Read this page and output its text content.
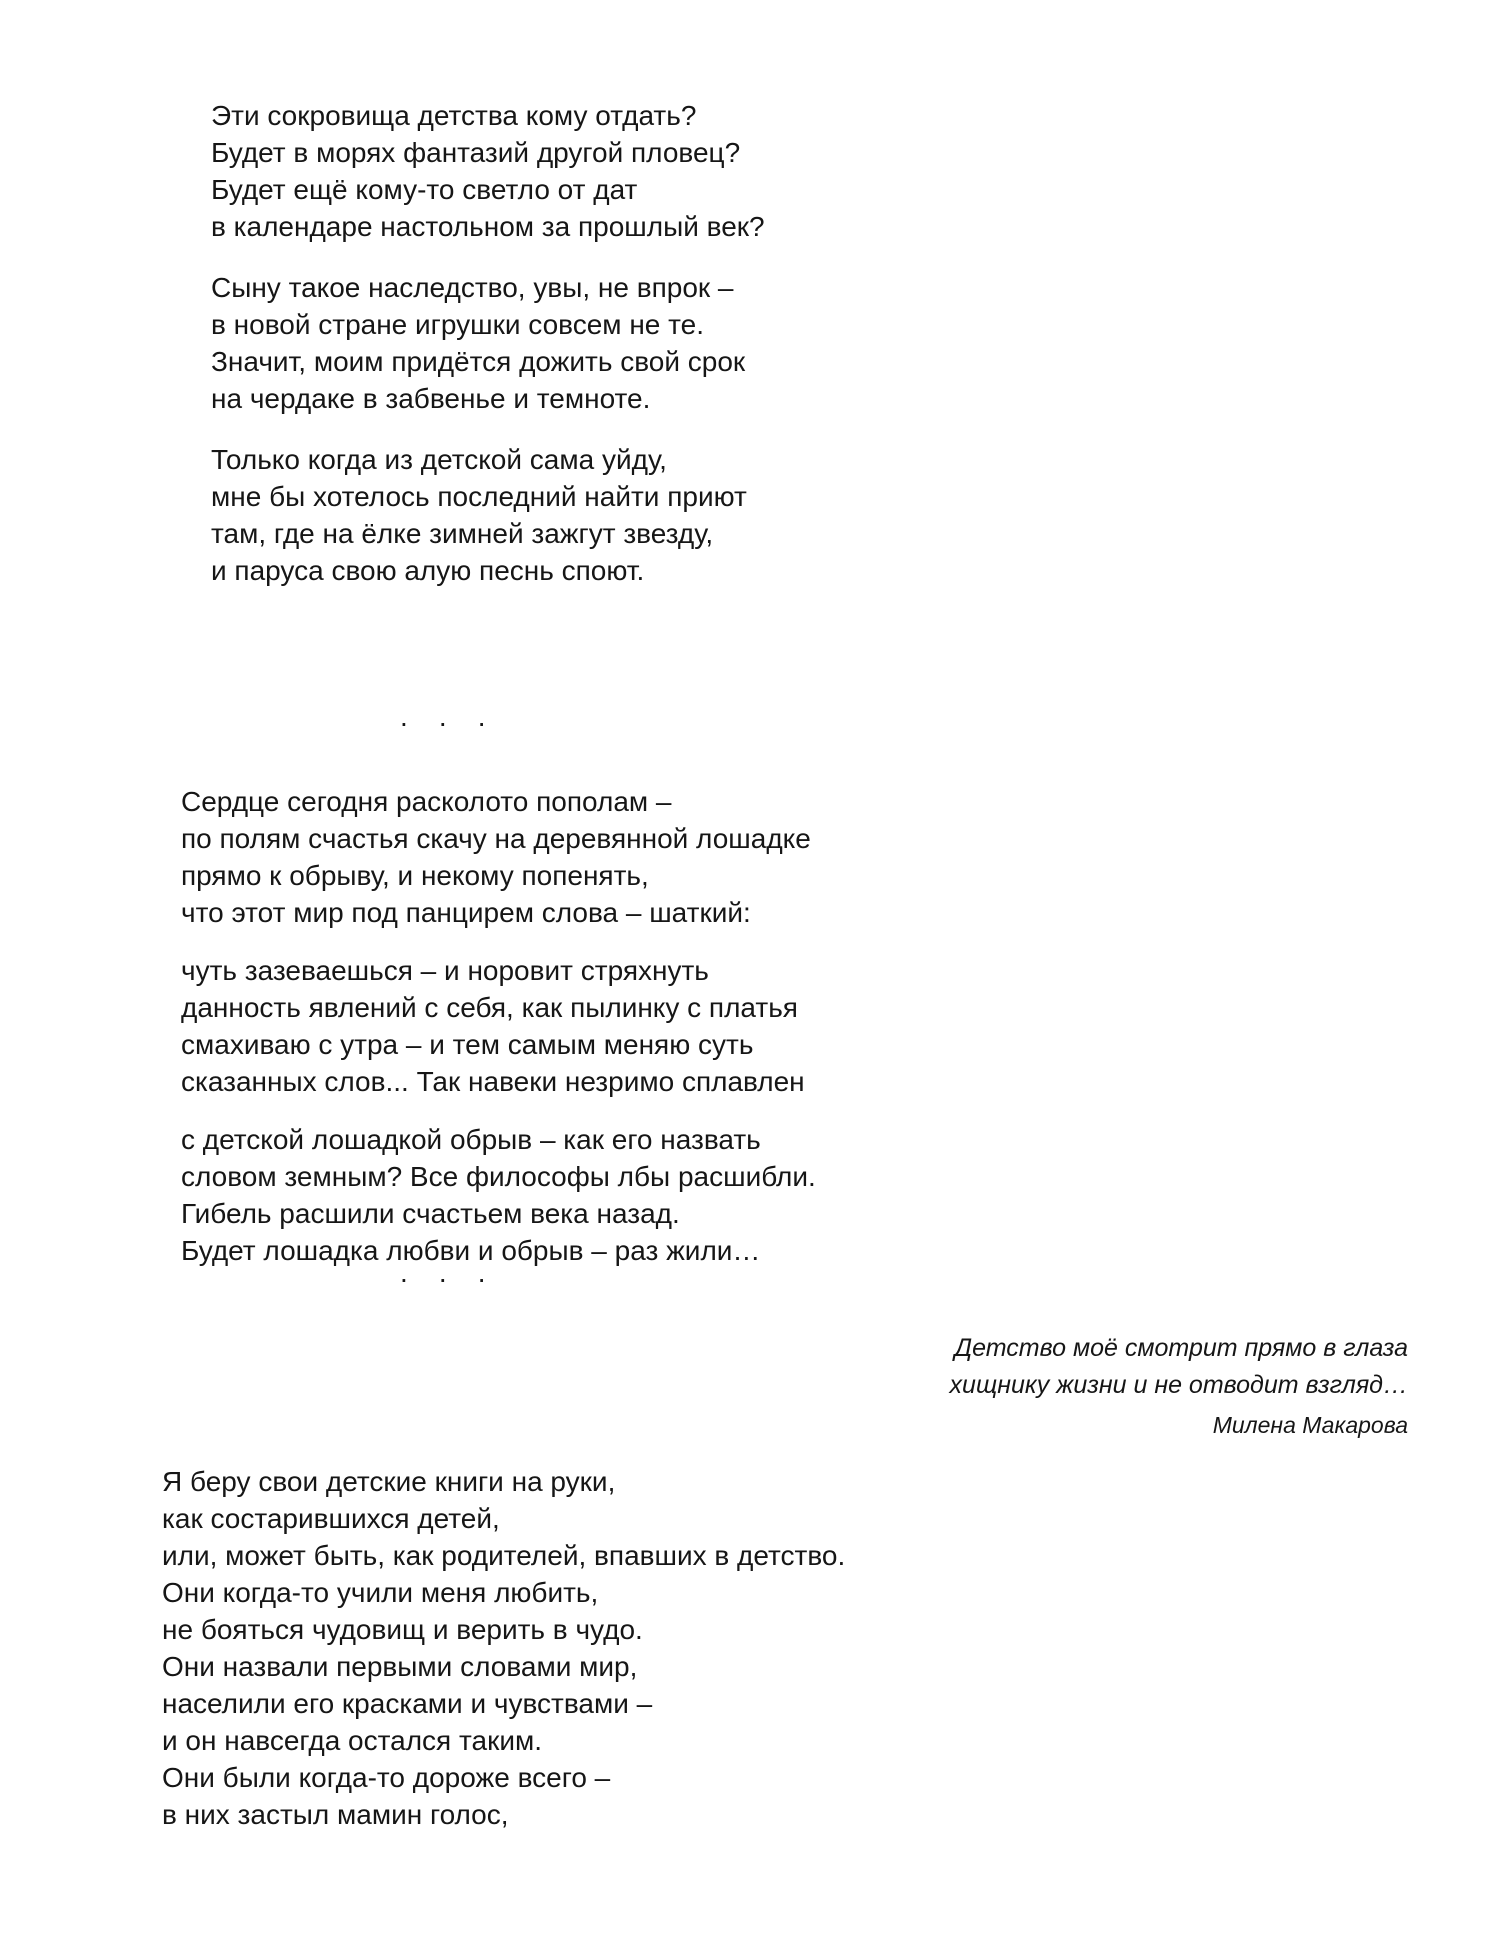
Эти сокровища детства кому отдать?
Будет в морях фантазий другой пловец?
Будет ещё кому-то светло от дат
в календаре настольном за прошлый век?
Сыну такое наследство, увы, не впрок –
в новой стране игрушки совсем не те.
Значит, моим придётся дожить свой срок
на чердаке в забвенье и темноте.
Только когда из детской сама уйду,
мне бы хотелось последний найти приют
там, где на ёлке зимней зажгут звезду,
и паруса свою алую песнь споют.
.    .    .
Сердце сегодня расколото пополам –
по полям счастья скачу на деревянной лошадке
прямо к обрыву, и некому попенять,
что этот мир под панцирем слова – шаткий:
чуть зазеваешься – и норовит стряхнуть
данность явлений с себя, как пылинку с платья
смахиваю с утра – и тем самым меняю суть
сказанных слов... Так навеки незримо сплавлен
с детской лошадкой обрыв – как его назвать
словом земным? Все философы лбы расшибли.
Гибель расшили счастьем века назад.
Будет лошадка любви и обрыв – раз жили…
.    .    .
Детство моё смотрит прямо в глаза
хищнику жизни и не отводит взгляд…
Милена Макарова
Я беру свои детские книги на руки,
как состарившихся детей,
или, может быть, как родителей, впавших в детство.
Они когда-то учили меня любить,
не бояться чудовищ и верить в чудо.
Они назвали первыми словами мир,
населили его красками и чувствами –
и он навсегда остался таким.
Они были когда-то дороже всего –
в них застыл мамин голос,
